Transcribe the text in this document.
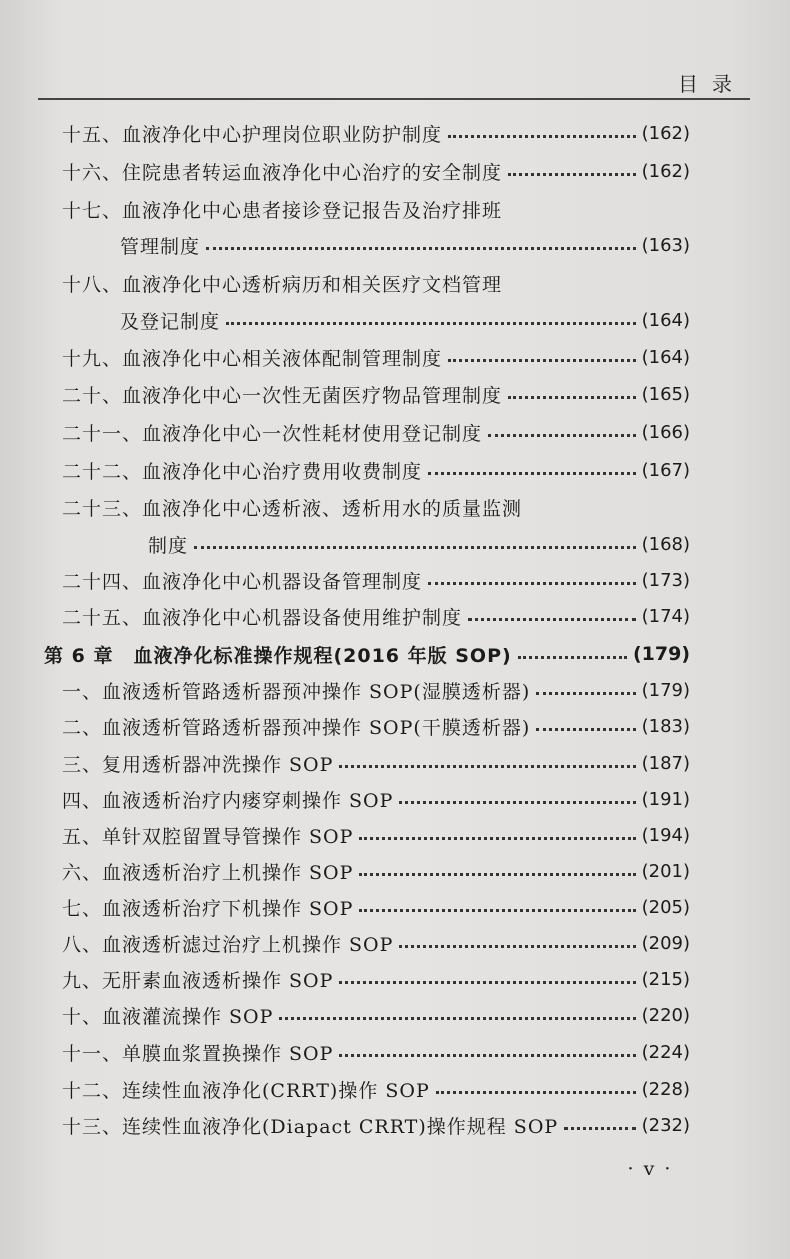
目录
十五、血液净化中心护理岗位职业防护制度	(162)
十六、住院患者转运血液净化中心治疗的安全制度	(162)
十七、血液净化中心患者接诊登记报告及治疗排班
管理制度	(163)
十八、血液净化中心透析病历和相关医疗文档管理
及登记制度	(164)
十九、血液净化中心相关液体配制管理制度	(164)
二十、血液净化中心一次性无菌医疗物品管理制度	(165)
二十一、血液净化中心一次性耗材使用登记制度	(166)
二十二、血液净化中心治疗费用收费制度	(167)
二十三、血液净化中心透析液、透析用水的质量监测
制度	(168)
二十四、血液净化中心机器设备管理制度	(173)
二十五、血液净化中心机器设备使用维护制度	(174)
第 6 章　血液净化标准操作规程(2016 年版 SOP)	(179)
一、血液透析管路透析器预冲操作 SOP(湿膜透析器)	(179)
二、血液透析管路透析器预冲操作 SOP(干膜透析器)	(183)
三、复用透析器冲洗操作 SOP	(187)
四、血液透析治疗内瘘穿刺操作 SOP	(191)
五、单针双腔留置导管操作 SOP	(194)
六、血液透析治疗上机操作 SOP	(201)
七、血液透析治疗下机操作 SOP	(205)
八、血液透析滤过治疗上机操作 SOP	(209)
九、无肝素血液透析操作 SOP	(215)
十、血液灌流操作 SOP	(220)
十一、单膜血浆置换操作 SOP	(224)
十二、连续性血液净化(CRRT)操作 SOP	(228)
十三、连续性血液净化(Diapact CRRT)操作规程 SOP	(232)
· v ·
